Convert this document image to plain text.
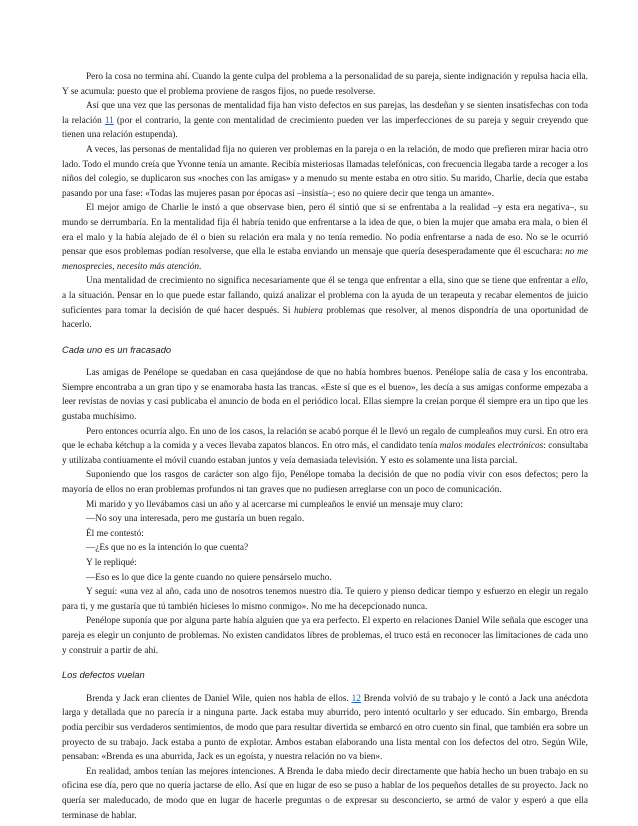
Pero la cosa no termina ahí. Cuando la gente culpa del problema a la personalidad de su pareja, siente indignación y repulsa hacia ella. Y se acumula: puesto que el problema proviene de rasgos fijos, no puede resolverse.

Así que una vez que las personas de mentalidad fija han visto defectos en sus parejas, las desdeñan y se sienten insatisfechas con toda la relación 11 (por el contrario, la gente con mentalidad de crecimiento pueden ver las imperfecciones de su pareja y seguir creyendo que tienen una relación estupenda).

A veces, las personas de mentalidad fija no quieren ver problemas en la pareja o en la relación, de modo que prefieren mirar hacia otro lado. Todo el mundo creía que Yvonne tenía un amante. Recibía misteriosas llamadas telefónicas, con frecuencia llegaba tarde a recoger a los niños del colegio, se duplicaron sus «noches con las amigas» y a menudo su mente estaba en otro sitio. Su marido, Charlie, decía que estaba pasando por una fase: «Todas las mujeres pasan por épocas así –insistía–; eso no quiere decir que tenga un amante».

El mejor amigo de Charlie le instó a que observase bien, pero él sintió que si se enfrentaba a la realidad –y esta era negativa–, su mundo se derrumbaría. En la mentalidad fija él habría tenido que enfrentarse a la idea de que, o bien la mujer que amaba era mala, o bien él era el malo y la había alejado de él o bien su relación era mala y no tenía remedio. No podía enfrentarse a nada de eso. No se le ocurrió pensar que esos problemas podían resolverse, que ella le estaba enviando un mensaje que quería desesperadamente que él escuchara: no me menosprecies, necesito más atención.

Una mentalidad de crecimiento no significa necesariamente que él se tenga que enfrentar a ella, sino que se tiene que enfrentar a ello, a la situación. Pensar en lo que puede estar fallando, quizá analizar el problema con la ayuda de un terapeuta y recabar elementos de juicio suficientes para tomar la decisión de qué hacer después. Si hubiera problemas que resolver, al menos dispondría de una oportunidad de hacerlo.

Cada uno es un fracasado

Las amigas de Penélope se quedaban en casa quejándose de que no había hombres buenos. Penélope salía de casa y los encontraba. Siempre encontraba a un gran tipo y se enamoraba hasta las trancas. «Este sí que es el bueno», les decía a sus amigas conforme empezaba a leer revistas de novias y casi publicaba el anuncio de boda en el periódico local. Ellas siempre la creían porque él siempre era un tipo que les gustaba muchísimo.

Pero entonces ocurría algo. En uno de los casos, la relación se acabó porque él le llevó un regalo de cumpleaños muy cursi. En otro era que le echaba kétchup a la comida y a veces llevaba zapatos blancos. En otro más, el candidato tenía malos modales electrónicos: consultaba y utilizaba contiuamente el móvil cuando estaban juntos y veía demasiada televisión. Y esto es solamente una lista parcial.

Suponiendo que los rasgos de carácter son algo fijo, Penélope tomaba la decisión de que no podía vivir con esos defectos; pero la mayoría de ellos no eran problemas profundos ni tan graves que no pudiesen arreglarse con un poco de comunicación.

Mi marido y yo llevábamos casi un año y al acercarse mi cumpleaños le envié un mensaje muy claro:

—No soy una interesada, pero me gustaría un buen regalo.

Él me contestó:

—¿Es que no es la intención lo que cuenta?

Y le repliqué:

—Eso es lo que dice la gente cuando no quiere pensárselo mucho.

Y seguí: «una vez al año, cada uno de nosotros tenemos nuestro día. Te quiero y pienso dedicar tiempo y esfuerzo en elegir un regalo para ti, y me gustaría que tú también hicieses lo mismo conmigo». No me ha decepcionado nunca.

Penélope suponía que por alguna parte había alguien que ya era perfecto. El experto en relaciones Daniel Wile señala que escoger una pareja es elegir un conjunto de problemas. No existen candidatos libres de problemas, el truco está en reconocer las limitaciones de cada uno y construir a partir de ahí.

Los defectos vuelan

Brenda y Jack eran clientes de Daniel Wile, quien nos habla de ellos. 12 Brenda volvió de su trabajo y le contó a Jack una anécdota larga y detallada que no parecía ir a ninguna parte. Jack estaba muy aburrido, pero intentó ocultarlo y ser educado. Sin embargo, Brenda podía percibir sus verdaderos sentimientos, de modo que para resultar divertida se embarcó en otro cuento sin final, que también era sobre un proyecto de su trabajo. Jack estaba a punto de explotar. Ambos estaban elaborando una lista mental con los defectos del otro. Según Wile, pensaban: «Brenda es una aburrida, Jack es un egoísta, y nuestra relación no va bien».

En realidad, ambos tenían las mejores intenciones. A Brenda le daba miedo decir directamente que había hecho un buen trabajo en su oficina ese día, pero que no quería jactarse de ello. Así que en lugar de eso se puso a hablar de los pequeños detalles de su proyecto. Jack no quería ser maleducado, de modo que en lugar de hacerle preguntas o de expresar su desconcierto, se armó de valor y esperó a que ella terminase de hablar.
